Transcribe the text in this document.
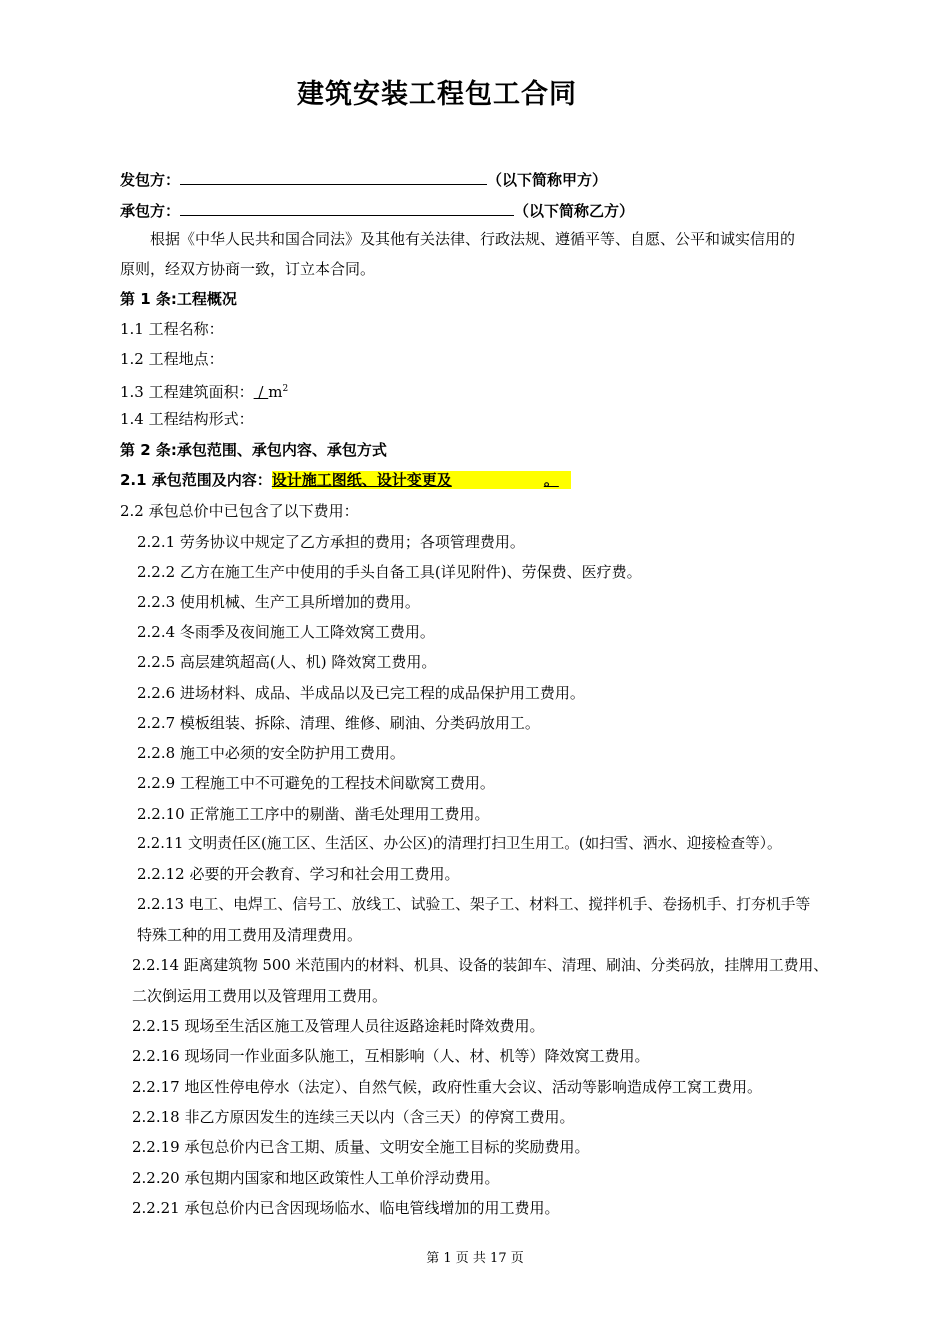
建筑安装工程包工合同
发包方：	（以下简称甲方）
承包方：	（以下简称乙方）
根据《中华人民共和国合同法》及其他有关法律、行政法规、遵循平等、自愿、公平和诚实信用的
原则，经双方协商一致，订立本合同。
第 1 条:工程概况
1.1 工程名称：
1.2 工程地点：
1.3 工程建筑面积： / $m^2$
1.4 工程结构形式：
第 2 条:承包范围、承包内容、承包方式
2.1 承包范围及内容：设计施工图纸、设计变更及	。
2.2 承包总价中已包含了以下费用：
2.2.1 劳务协议中规定了乙方承担的费用；各项管理费用。
2.2.2 乙方在施工生产中使用的手头自备工具(详见附件)、劳保费、医疗费。
2.2.3 使用机械、生产工具所增加的费用。
2.2.4 冬雨季及夜间施工人工降效窝工费用。
2.2.5 高层建筑超高(人、机) 降效窝工费用。
2.2.6 进场材料、成品、半成品以及已完工程的成品保护用工费用。
2.2.7 模板组装、拆除、清理、维修、刷油、分类码放用工。
2.2.8 施工中必须的安全防护用工费用。
2.2.9 工程施工中不可避免的工程技术间歇窝工费用。
2.2.10 正常施工工序中的剔凿、凿毛处理用工费用。
2.2.11 文明责任区(施工区、生活区、办公区)的清理打扫卫生用工。(如扫雪、洒水、迎接检查等）。
2.2.12 必要的开会教育、学习和社会用工费用。
2.2.13 电工、电焊工、信号工、放线工、试验工、架子工、材料工、搅拌机手、卷扬机手、打夯机手等
特殊工种的用工费用及清理费用。
2.2.14 距离建筑物 500 米范围内的材料、机具、设备的装卸车、清理、刷油、分类码放，挂牌用工费用、
二次倒运用工费用以及管理用工费用。
2.2.15 现场至生活区施工及管理人员往返路途耗时降效费用。
2.2.16 现场同一作业面多队施工，互相影响（人、材、机等）降效窝工费用。
2.2.17 地区性停电停水（法定）、自然气候，政府性重大会议、活动等影响造成停工窝工费用。
2.2.18 非乙方原因发生的连续三天以内（含三天）的停窝工费用。
2.2.19 承包总价内已含工期、质量、文明安全施工目标的奖励费用。
2.2.20 承包期内国家和地区政策性人工单价浮动费用。
2.2.21 承包总价内已含因现场临水、临电管线增加的用工费用。
第 1 页 共 17 页
